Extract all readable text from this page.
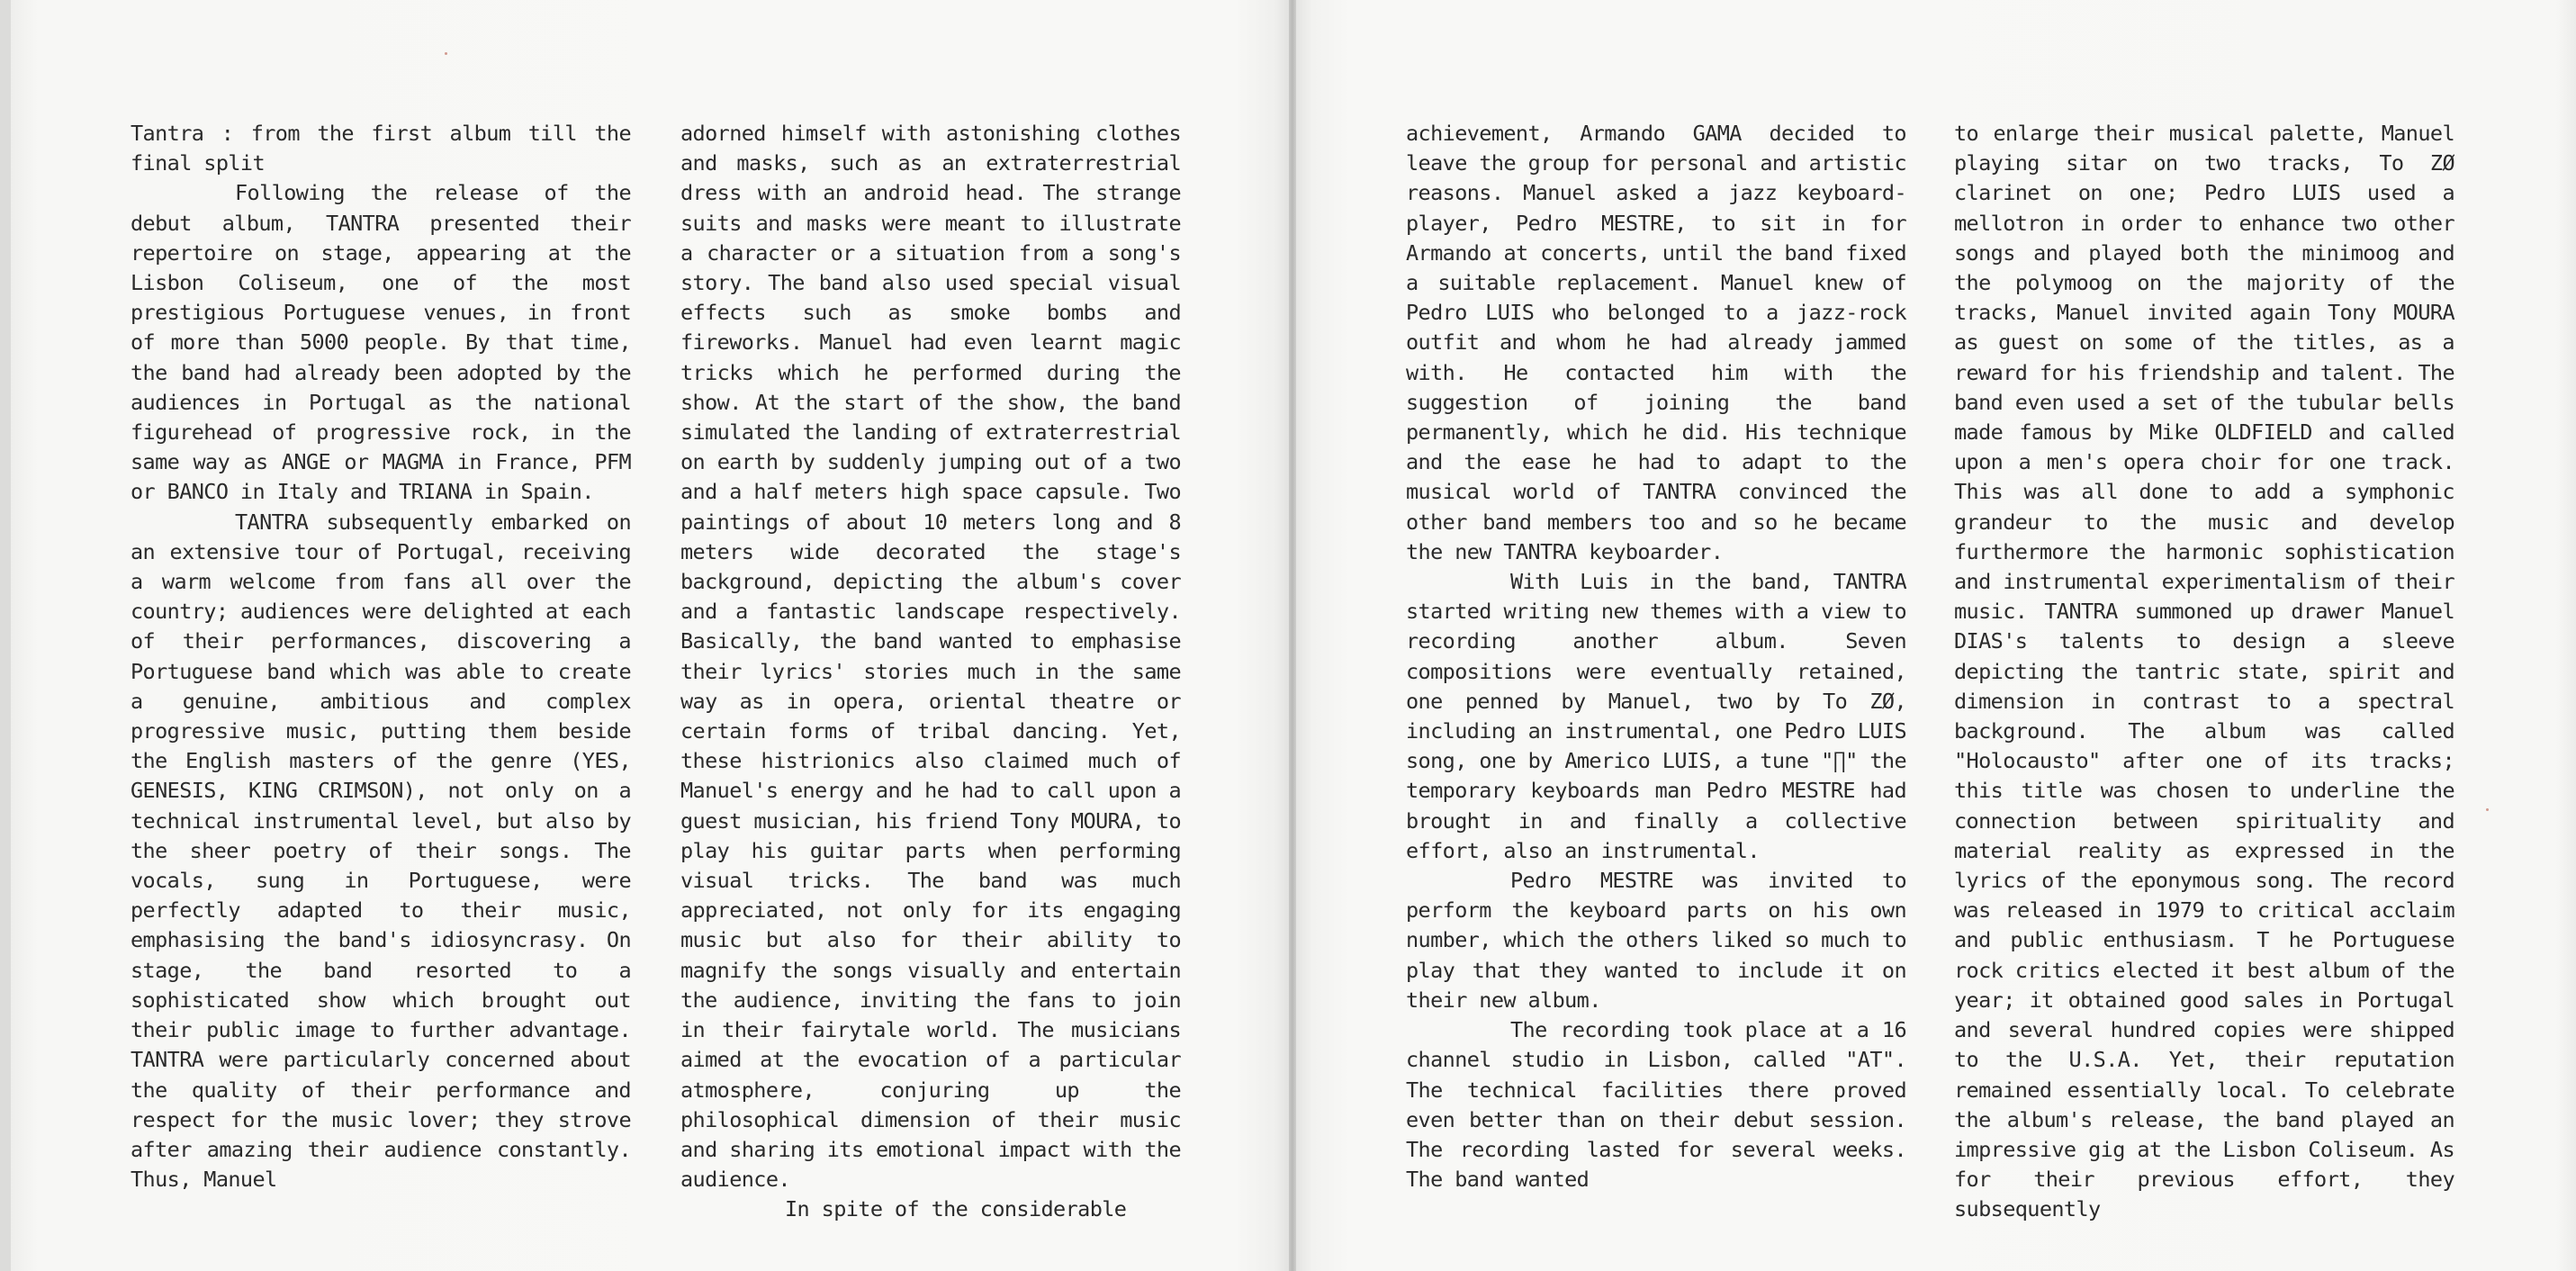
Tantra : from the first album till the final split

Following the release of the debut album, TANTRA presented their repertoire on stage, appearing at the Lisbon Coliseum, one of the most prestigious Portuguese venues, in front of more than 5000 people. By that time, the band had already been adopted by the audiences in Portugal as the national figurehead of progressive rock, in the same way as ANGE or MAGMA in France, PFM or BANCO in Italy and TRIANA in Spain.

TANTRA subsequently embarked on an extensive tour of Portugal, receiving a warm welcome from fans all over the country; audiences were delighted at each of their performances, discovering a Portuguese band which was able to create a genuine, ambitious and complex progressive music, putting them beside the English masters of the genre (YES, GENESIS, KING CRIMSON), not only on a technical instrumental level, but also by the sheer poetry of their songs. The vocals, sung in Portuguese, were perfectly adapted to their music, emphasising the band's idiosyncrasy. On stage, the band resorted to a sophisticated show which brought out their public image to further advantage. TANTRA were particularly concerned about the quality of their performance and respect for the music lover; they strove after amazing their audience constantly. Thus, Manuel

adorned himself with astonishing clothes and masks, such as an extraterrestrial dress with an android head. The strange suits and masks were meant to illustrate a character or a situation from a song's story. The band also used special visual effects such as smoke bombs and fireworks. Manuel had even learnt magic tricks which he performed during the show. At the start of the show, the band simulated the landing of extraterrestrial on earth by suddenly jumping out of a two and a half meters high space capsule. Two paintings of about 10 meters long and 8 meters wide decorated the stage's background, depicting the album's cover and a fantastic landscape respectively. Basically, the band wanted to emphasise their lyrics' stories much in the same way as in opera, oriental theatre or certain forms of tribal dancing. Yet, these histrionics also claimed much of Manuel's energy and he had to call upon a guest musician, his friend Tony MOURA, to play his guitar parts when performing visual tricks. The band was much appreciated, not only for its engaging music but also for their ability to magnify the songs visually and entertain the audience, inviting the fans to join in their fairytale world. The musicians aimed at the evocation of a particular atmosphere, conjuring up the philosophical dimension of their music and sharing its emotional impact with the audience.

In spite of the considerable

achievement, Armando GAMA decided to leave the group for personal and artistic reasons. Manuel asked a jazz keyboard-player, Pedro MESTRE, to sit in for Armando at concerts, until the band fixed a suitable replacement. Manuel knew of Pedro LUIS who belonged to a jazz-rock outfit and whom he had already jammed with. He contacted him with the suggestion of joining the band permanently, which he did. His technique and the ease he had to adapt to the musical world of TANTRA convinced the other band members too and so he became the new TANTRA keyboarder.

With Luis in the band, TANTRA started writing new themes with a view to recording another album. Seven compositions were eventually retained, one penned by Manuel, two by To ZØ, including an instrumental, one Pedro LUIS song, one by Americo LUIS, a tune "∏" the temporary keyboards man Pedro MESTRE had brought in and finally a collective effort, also an instrumental.

Pedro MESTRE was invited to perform the keyboard parts on his own number, which the others liked so much to play that they wanted to include it on their new album.

The recording took place at a 16 channel studio in Lisbon, called "AT". The technical facilities there proved even better than on their debut session. The recording lasted for several weeks. The band wanted

to enlarge their musical palette, Manuel playing sitar on two tracks, To ZØ clarinet on one; Pedro LUIS used a mellotron in order to enhance two other songs and played both the minimoog and the polymoog on the majority of the tracks, Manuel invited again Tony MOURA as guest on some of the titles, as a reward for his friendship and talent. The band even used a set of the tubular bells made famous by Mike OLDFIELD and called upon a men's opera choir for one track. This was all done to add a symphonic grandeur to the music and develop furthermore the harmonic sophistication and instrumental experimentalism of their music. TANTRA summoned up drawer Manuel DIAS's talents to design a sleeve depicting the tantric state, spirit and dimension in contrast to a spectral background. The album was called "Holocausto" after one of its tracks; this title was chosen to underline the connection between spirituality and material reality as expressed in the lyrics of the eponymous song. The record was released in 1979 to critical acclaim and public enthusiasm. T he Portuguese rock critics elected it best album of the year; it obtained good sales in Portugal and several hundred copies were shipped to the U.S.A. Yet, their reputation remained essentially local. To celebrate the album's release, the band played an impressive gig at the Lisbon Coliseum. As for their previous effort, they subsequently
